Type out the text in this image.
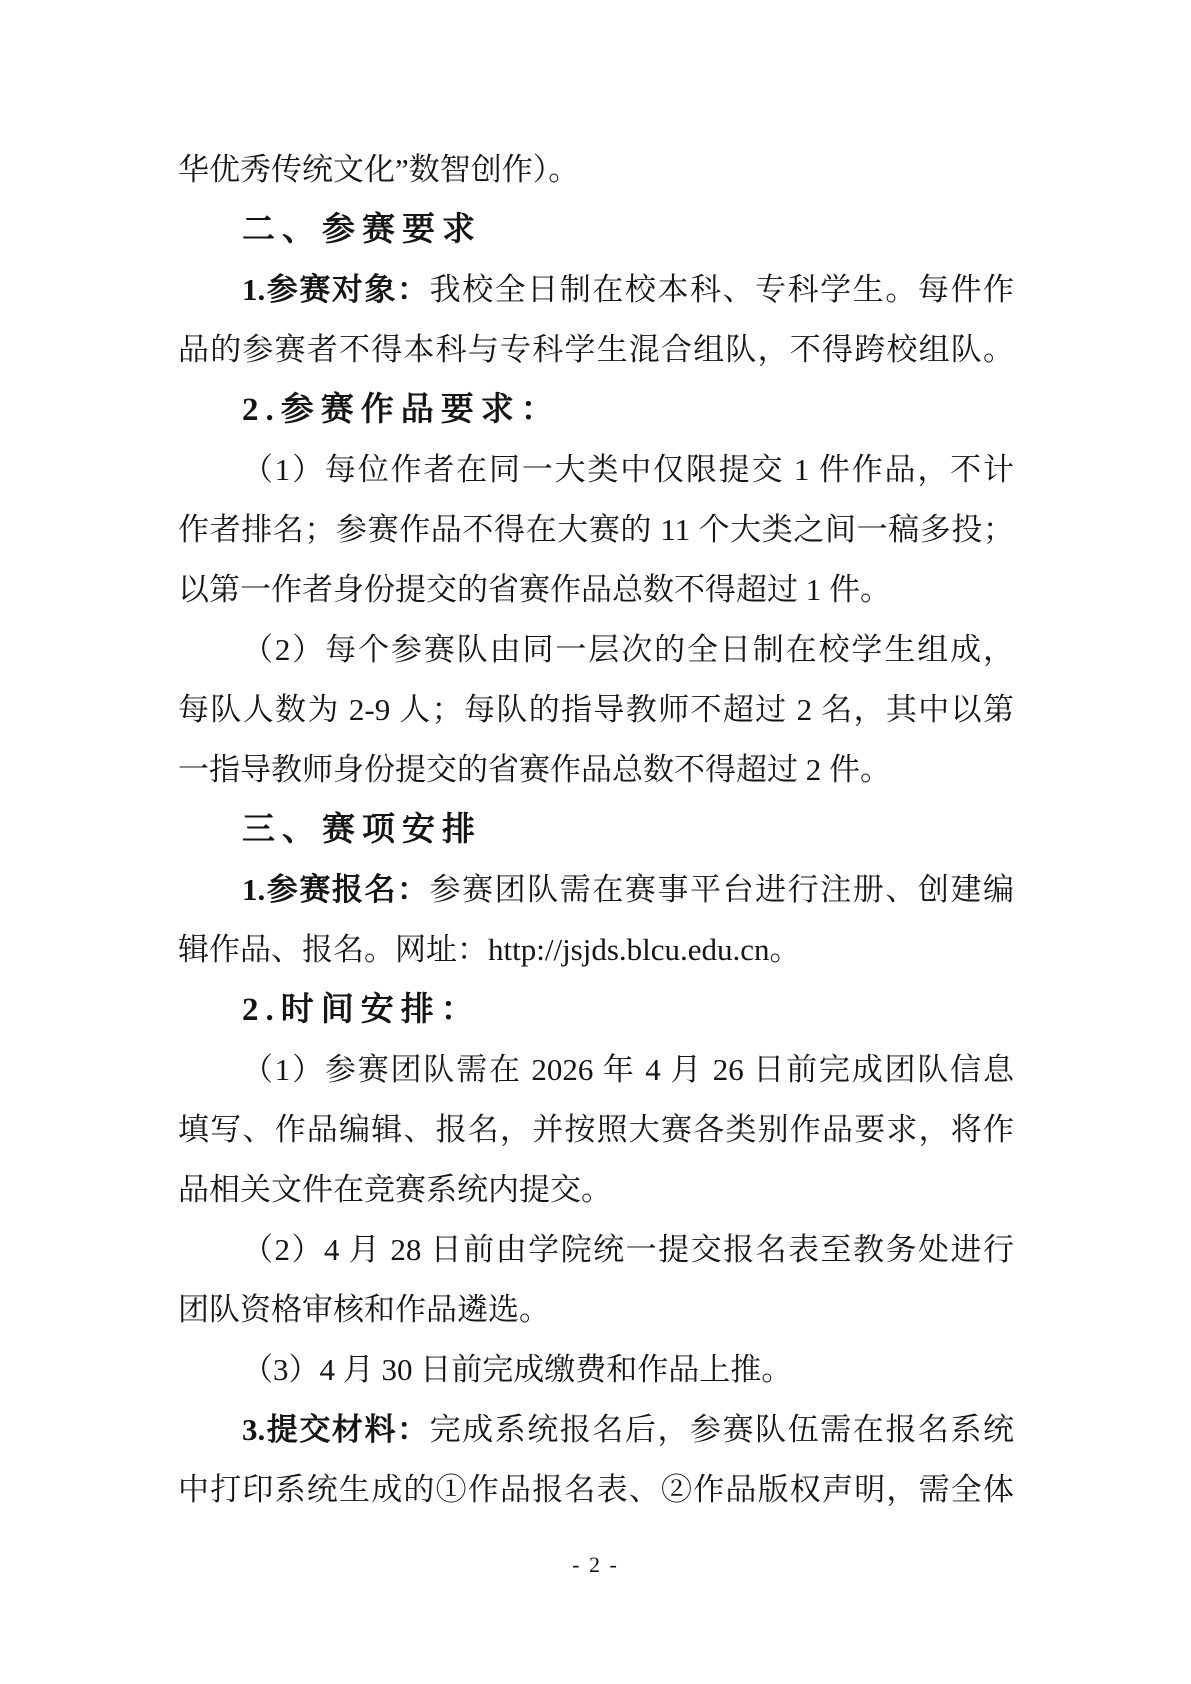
华优秀传统文化”数智创作）。
二、参赛要求
1.参赛对象：我校全日制在校本科、专科学生。每件作
品的参赛者不得本科与专科学生混合组队，不得跨校组队。
2.参赛作品要求：
（1）每位作者在同一大类中仅限提交 1 件作品，不计
作者排名；参赛作品不得在大赛的 11 个大类之间一稿多投；
以第一作者身份提交的省赛作品总数不得超过 1 件。
（2）每个参赛队由同一层次的全日制在校学生组成，
每队人数为 2-9 人；每队的指导教师不超过 2 名，其中以第
一指导教师身份提交的省赛作品总数不得超过 2 件。
三、赛项安排
1.参赛报名：参赛团队需在赛事平台进行注册、创建编
辑作品、报名。网址：http://jsjds.blcu.edu.cn。
2.时间安排：
（1）参赛团队需在 2026 年 4 月 26 日前完成团队信息
填写、作品编辑、报名，并按照大赛各类别作品要求，将作
品相关文件在竞赛系统内提交。
（2）4 月 28 日前由学院统一提交报名表至教务处进行
团队资格审核和作品遴选。
（3）4 月 30 日前完成缴费和作品上推。
3.提交材料：完成系统报名后，参赛队伍需在报名系统
中打印系统生成的①作品报名表、②作品版权声明，需全体
- 2 -
